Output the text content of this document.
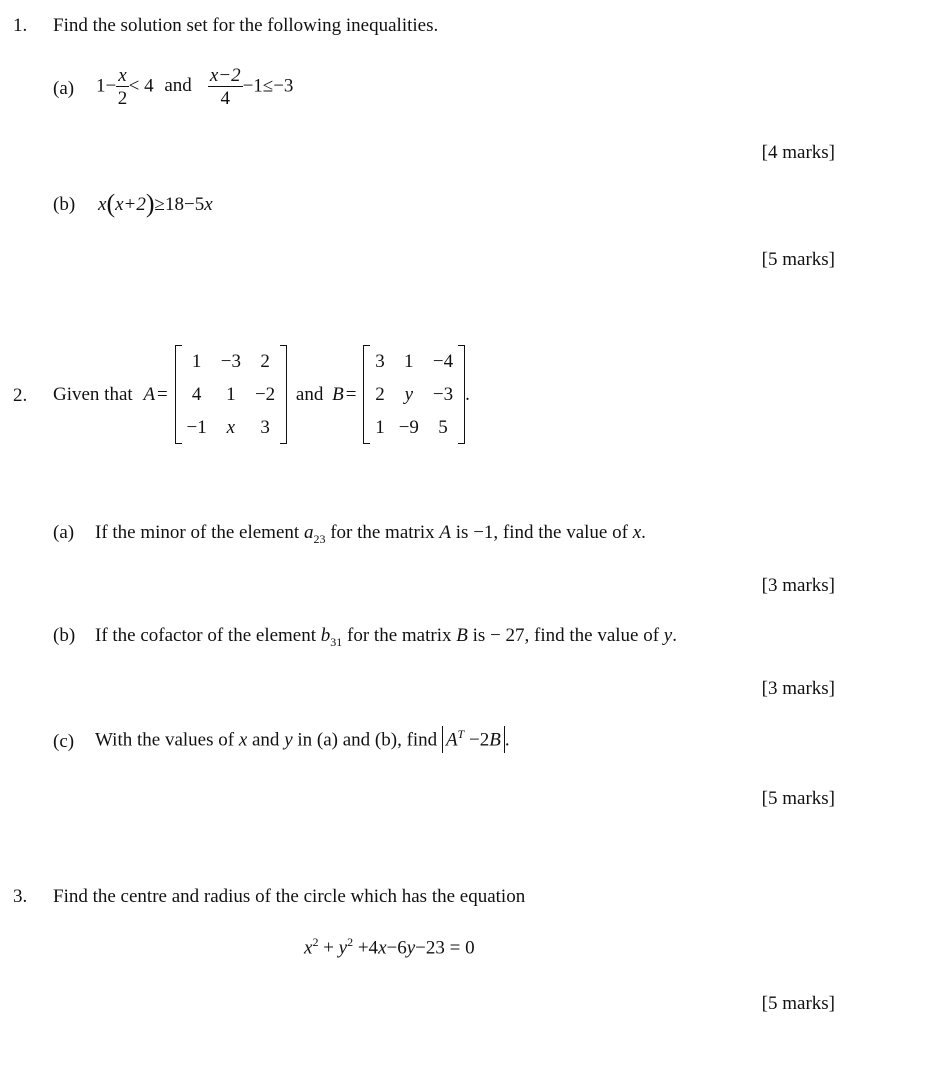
1. Find the solution set for the following inequalities.
(a) $1- \frac{x}{2} < 4$ and $\frac{x-2}{4} -1\le-3$
[4 marks]
(b) x(x+2)≥18−5x
[5 marks]
2. Given that A =
1	−3	2
4	1	−2
−1	x	3
and B =
3	1	−4
2	y	−3
1	−9	5
.
(a) If the minor of the element $a_{23}$ for the matrix A is −1, find the value of x.
[3 marks]
(b) If the cofactor of the element $b_{31}$ for the matrix B is − 27, find the value of y.
[3 marks]
(c) With the values of x and y in (a) and (b), find $A^T -2B$ .
[5 marks]
3. Find the centre and radius of the circle which has the equation
$x^2 + y^2 +4x-6y-23 = 0$
[5 marks]
